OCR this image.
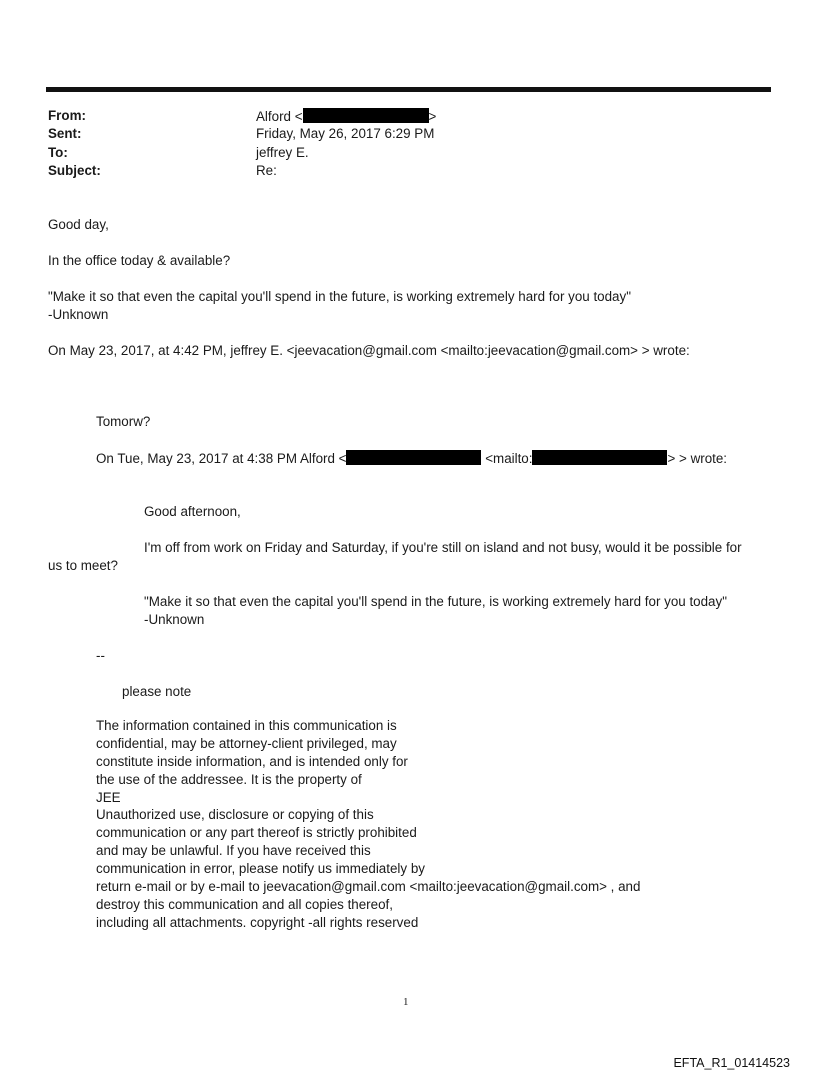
From:	Alford <	>
Sent:	Friday, May 26, 2017 6:29 PM
To:	jeffrey E.
Subject:	Re:
Good day,
In the office today & available?
"Make it so that even the capital you'll spend in the future, is working extremely hard for you today"
-Unknown
On May 23, 2017, at 4:42 PM, jeffrey E. <jeevacation@gmail.com <mailto:jeevacation@gmail.com> > wrote:
Tomorw?
On Tue, May 23, 2017 at 4:38 PM Alford <	<mailto:	> > wrote:
Good afternoon,
I'm off from work on Friday and Saturday, if you're still on island and not busy, would it be possible for
us to meet?
"Make it so that even the capital you'll spend in the future, is working extremely hard for you today"
-Unknown
--
please note
The information contained in this communication is
confidential, may be attorney-client privileged, may
constitute inside information, and is intended only for
the use of the addressee. It is the property of
JEE
Unauthorized use, disclosure or copying of this
communication or any part thereof is strictly prohibited
and may be unlawful. If you have received this
communication in error, please notify us immediately by
return e-mail or by e-mail to jeevacation@gmail.com <mailto:jeevacation@gmail.com> , and
destroy this communication and all copies thereof,
including all attachments. copyright -all rights reserved
1
EFTA_R1_01414523
